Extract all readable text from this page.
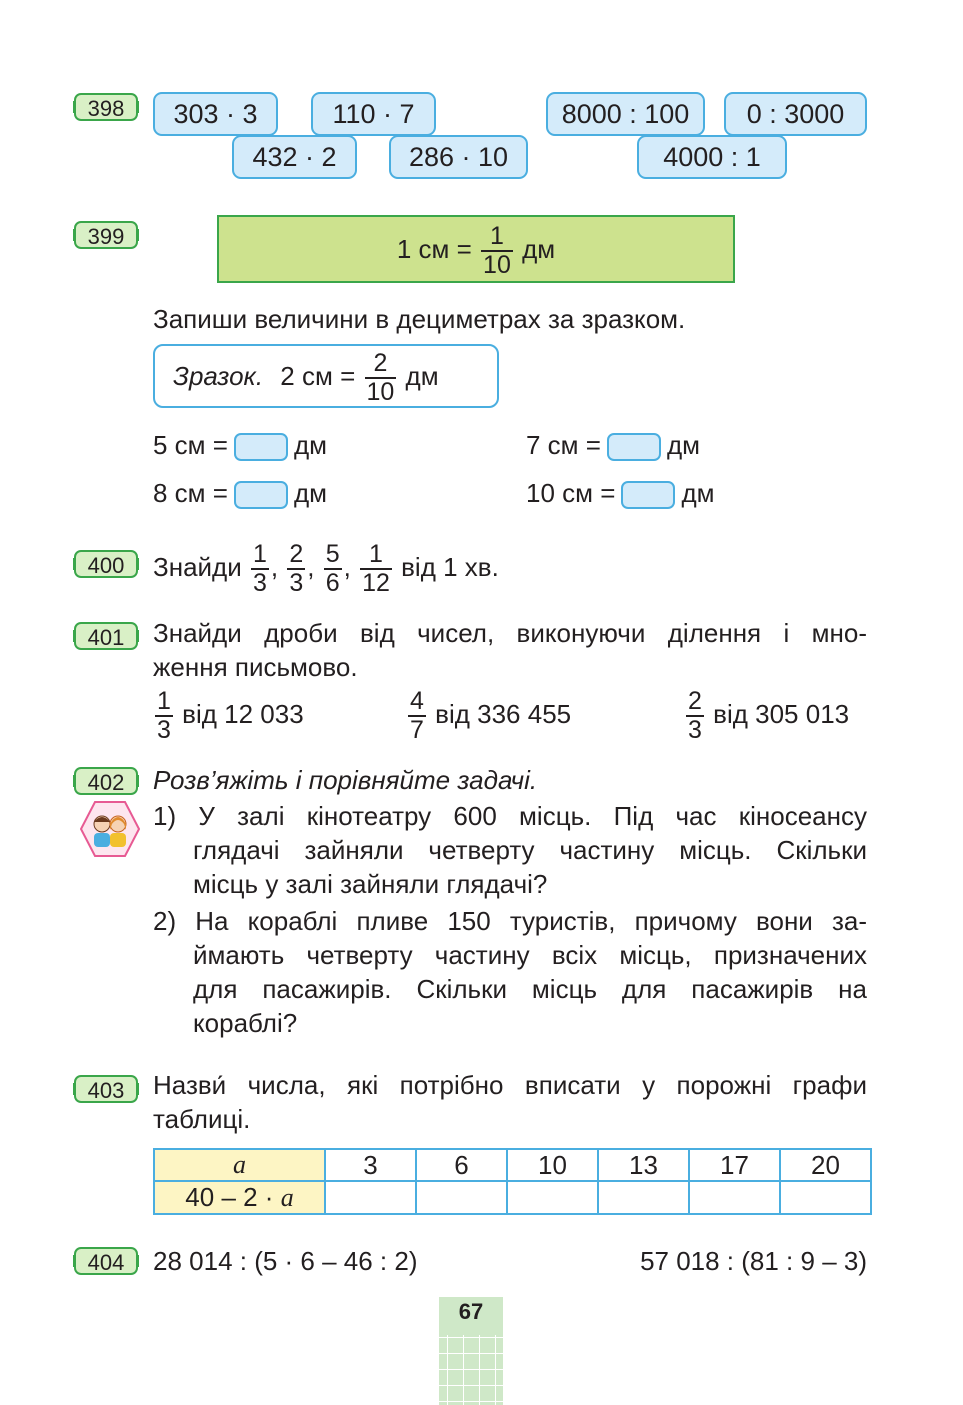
398	303 · 3	110 · 7
432 · 2	286 · 10
8000 : 100	0 : 3000
4000 : 1
399	1 см = $\frac{1}{10}$ дм
Запиши величини в дециметрах за зразком.
Зразок. 2 см = $\frac{2}{10}$ дм
5 см =	дм	7 см =	дм
8 см =	дм	10 см =	дм
400	Знайди $\frac{1}{3}$ , $\frac{2}{3}$ , $\frac{5}{6}$ , $\frac{1}{12}$ від 1 хв.
401	Знайди дроби від чисел, виконуючи ділення і мно-
ження письмово.
$\frac{1}{3}$ від 12 033	$\frac{4}{7}$ від 336 455	$\frac{2}{3}$ від 305 013
402	Розв’яжіть і порівняйте задачі.
1) У залі кінотеатру 600 місць. Під час кіносеансу
глядачі зайняли четверту частину місць. Скільки
місць у залі зайняли глядачі?
2) На кораблі пливе 150 туристів, причому вони за-
ймають четверту частину всіх місць, призначених
для пасажирів. Скільки місць для пасажирів на
кораблі?
403	Назви́ числа, які потрібно вписати у порожні графи
таблиці.
a	3	6	10	13	17	20
40 – 2 · a						
404	28 014 : (5 · 6 – 46 : 2)	57 018 : (81 : 9 – 3)
67
